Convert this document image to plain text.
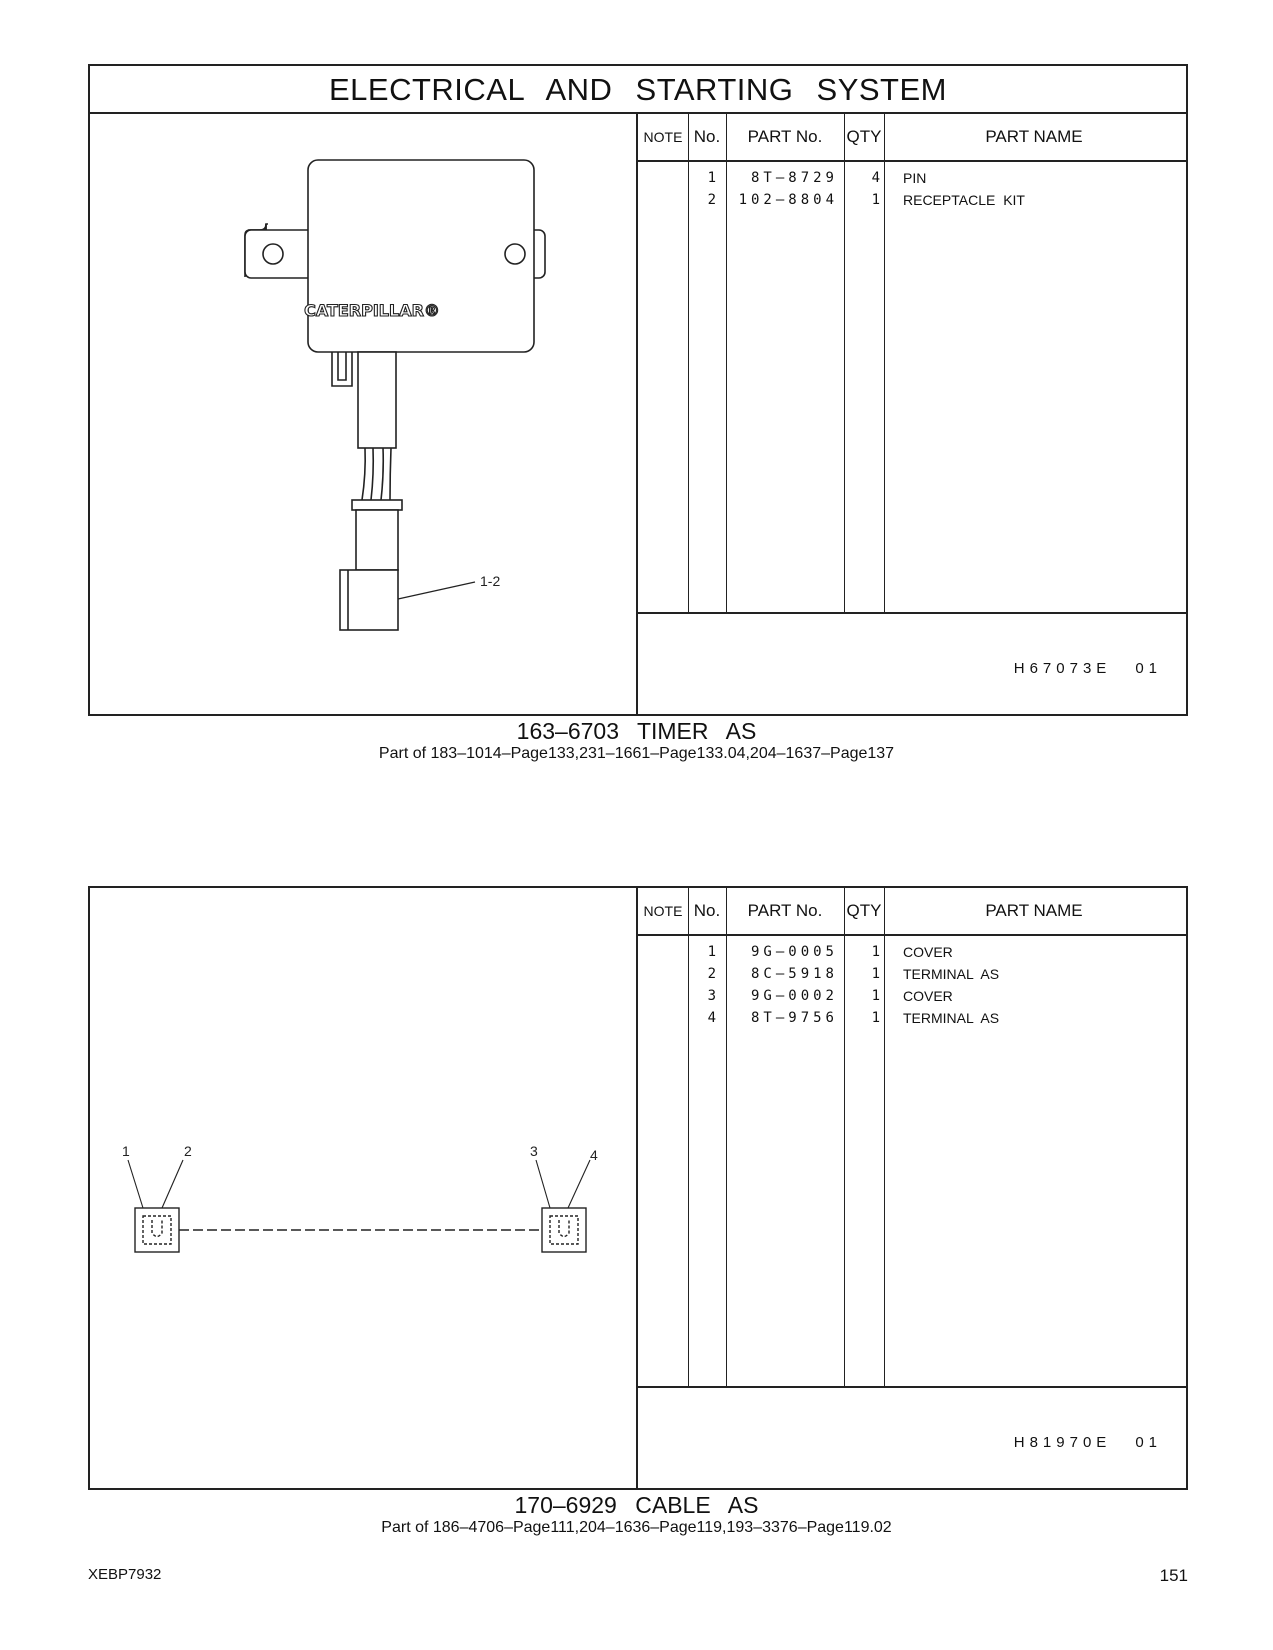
ELECTRICAL AND STARTING SYSTEM
CATERPILLAR®
1-2
NOTE No.	PART No.	QTY	PART NAME
1	8T–8729	4 PIN
2	102–8804	1 RECEPTACLE KIT
H67073E 01
163–6703 TIMER AS
Part of 183–1014–Page133,231–1661–Page133.04,204–1637–Page137
1	2	3	4
NOTE No.	PART No.	QTY	PART NAME
1	9G–0005	1 COVER
2	8C–5918	1 TERMINAL AS
3	9G–0002	1 COVER
4	8T–9756	1 TERMINAL AS
H81970E 01
170–6929 CABLE AS
Part of 186–4706–Page111,204–1636–Page119,193–3376–Page119.02
XEBP7932	151
